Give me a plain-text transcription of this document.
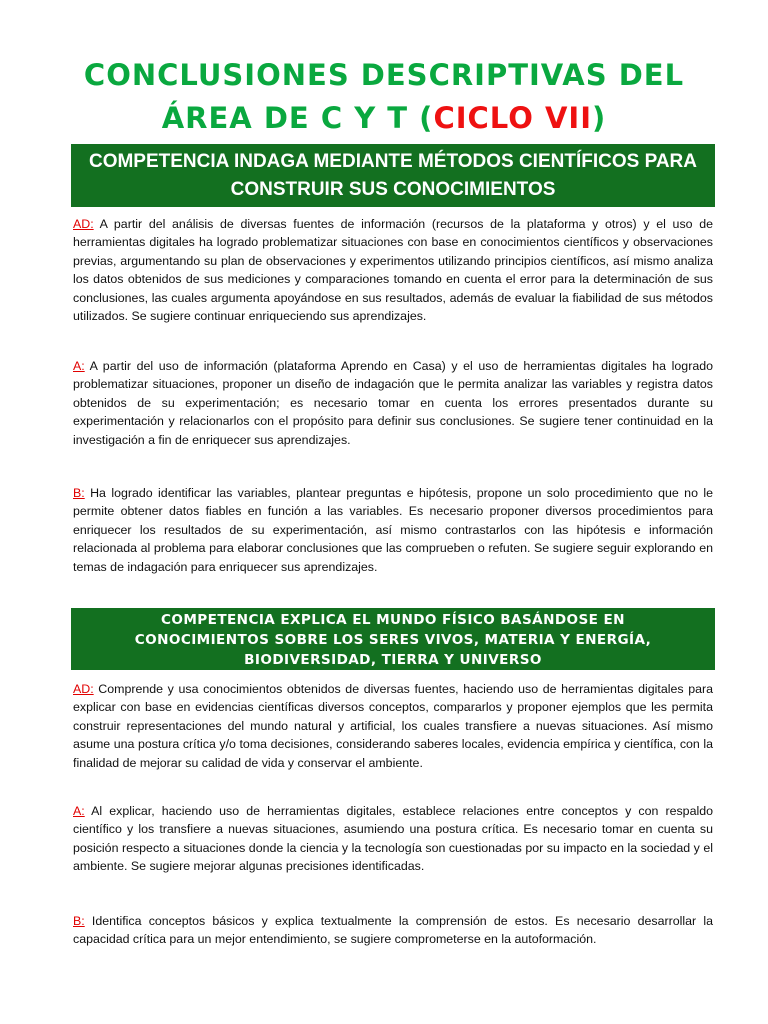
CONCLUSIONES DESCRIPTIVAS DEL
ÁREA DE C Y T (CICLO VII)
COMPETENCIA INDAGA MEDIANTE MÉTODOS CIENTÍFICOS PARA
CONSTRUIR SUS CONOCIMIENTOS

AD: A partir del análisis de diversas fuentes de información (recursos de la plataforma y otros) y el uso de herramientas digitales ha logrado problematizar situaciones con base en conocimientos científicos y observaciones previas, argumentando su plan de observaciones y experimentos utilizando principios científicos, así mismo analiza los datos obtenidos de sus mediciones y comparaciones tomando en cuenta el error para la determinación de sus conclusiones, las cuales argumenta apoyándose en sus resultados, además de evaluar la fiabilidad de sus métodos utilizados. Se sugiere continuar enriqueciendo sus aprendizajes.

A: A partir del uso de información (plataforma Aprendo en Casa) y el uso de herramientas digitales ha logrado problematizar situaciones, proponer un diseño de indagación que le permita analizar las variables y registra datos obtenidos de su experimentación; es necesario tomar en cuenta los errores presentados durante su experimentación y relacionarlos con el propósito para definir sus conclusiones. Se sugiere tener continuidad en la investigación a fin de enriquecer sus aprendizajes.

B: Ha logrado identificar las variables, plantear preguntas e hipótesis, propone un solo procedimiento que no le permite obtener datos fiables en función a las variables. Es necesario proponer diversos procedimientos para enriquecer los resultados de su experimentación, así mismo contrastarlos con las hipótesis e información relacionada al problema para elaborar conclusiones que las comprueben o refuten. Se sugiere seguir explorando en temas de indagación para enriquecer sus aprendizajes.

COMPETENCIA EXPLICA EL MUNDO FÍSICO BASÁNDOSE EN
CONOCIMIENTOS SOBRE LOS SERES VIVOS, MATERIA Y ENERGÍA,
BIODIVERSIDAD, TIERRA Y UNIVERSO

AD: Comprende y usa conocimientos obtenidos de diversas fuentes, haciendo uso de herramientas digitales para explicar con base en evidencias científicas diversos conceptos, compararlos y proponer ejemplos que les permita construir representaciones del mundo natural y artificial, los cuales transfiere a nuevas situaciones. Así mismo asume una postura crítica y/o toma decisiones, considerando saberes locales, evidencia empírica y científica, con la finalidad de mejorar su calidad de vida y conservar el ambiente.

A: Al explicar, haciendo uso de herramientas digitales, establece relaciones entre conceptos y con respaldo científico y los transfiere a nuevas situaciones, asumiendo una postura crítica. Es necesario tomar en cuenta su posición respecto a situaciones donde la ciencia y la tecnología son cuestionadas por su impacto en la sociedad y el ambiente. Se sugiere mejorar algunas precisiones identificadas.

B: Identifica conceptos básicos y explica textualmente la comprensión de estos. Es necesario desarrollar la capacidad crítica para un mejor entendimiento, se sugiere comprometerse en la autoformación.
